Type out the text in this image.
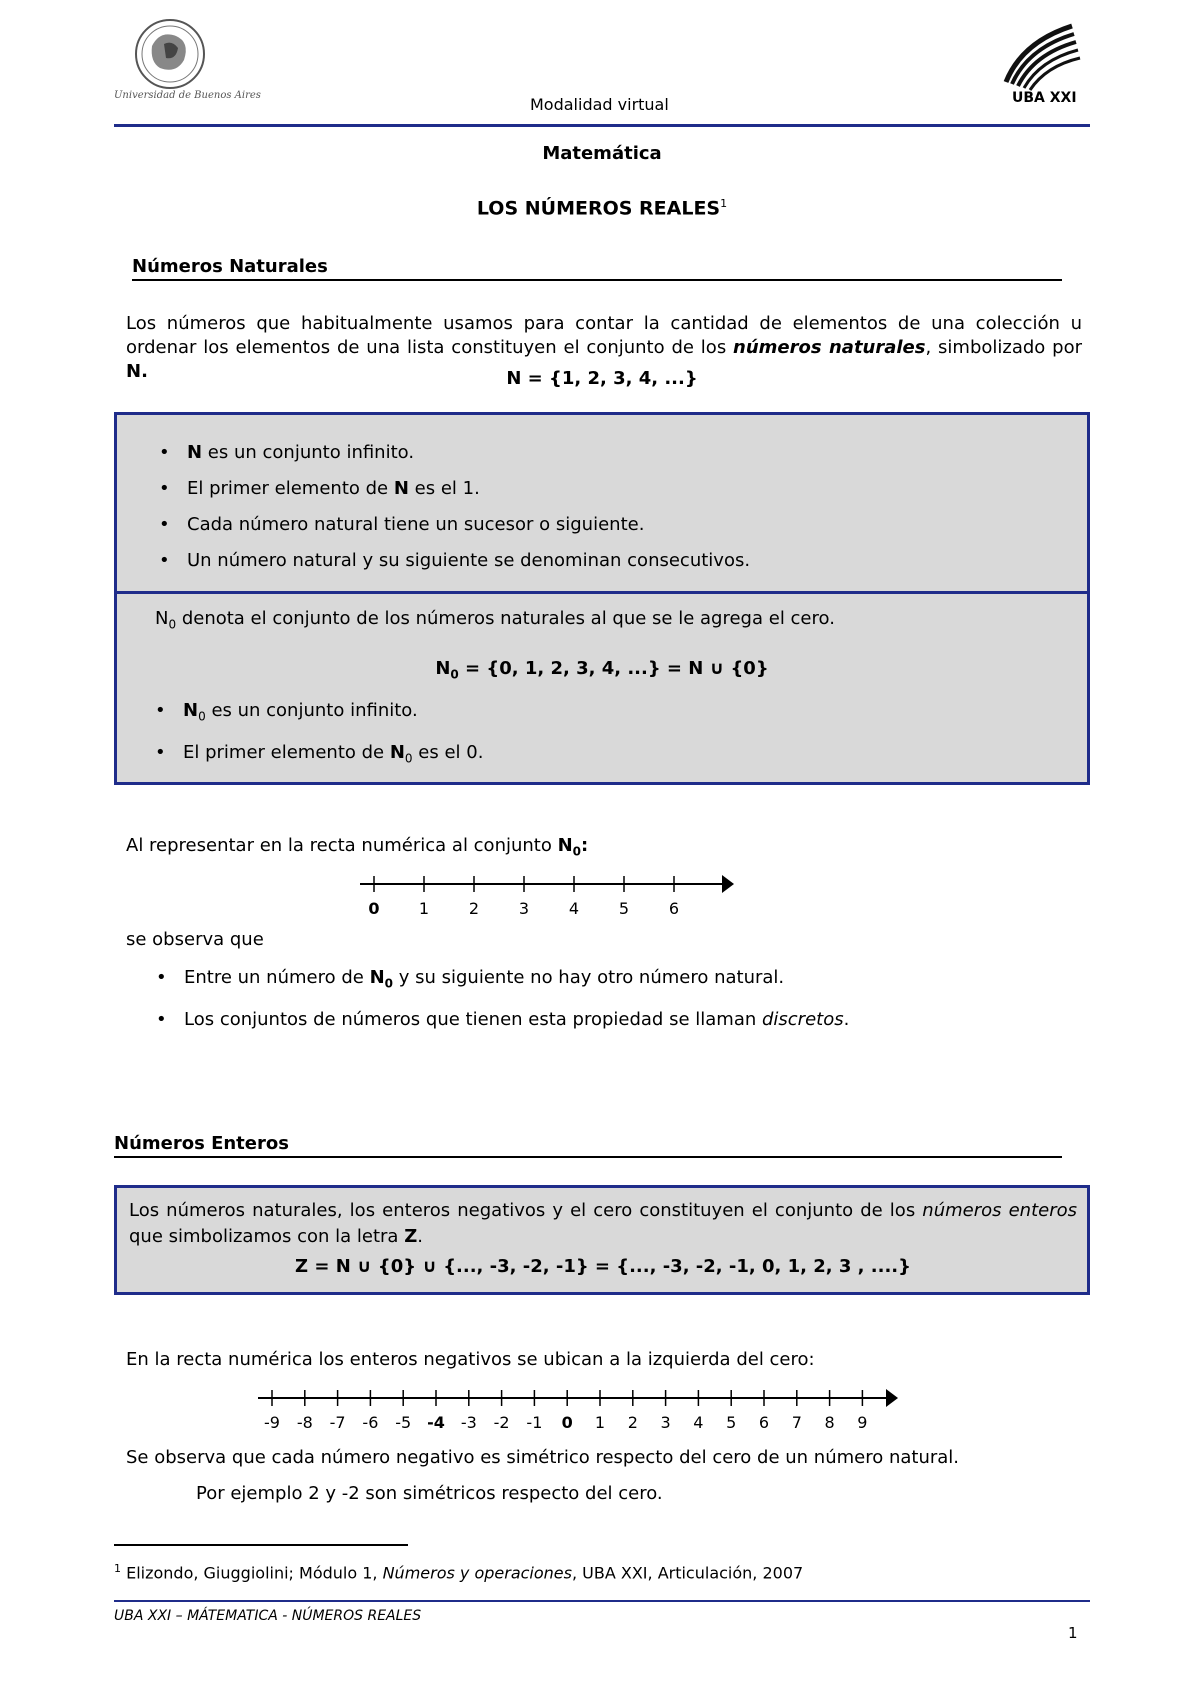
Universidad de Buenos Aires	Modalidad virtual	UBA XXI
Matemática
LOS NÚMEROS REALES$^1$
Números Naturales
Los números que habitualmente usamos para contar la cantidad de elementos de una colección u ordenar los elementos de una lista constituyen el conjunto de los números naturales, simbolizado por N.	N = {1, 2, 3, 4, ...}
• N es un conjunto infinito.
• El primer elemento de N es el 1.
• Cada número natural tiene un sucesor o siguiente.
• Un número natural y su siguiente se denominan consecutivos.
$N_0$ denota el conjunto de los números naturales al que se le agrega el cero.
$N_0 = \{0$, 1, 2, 3, 4, ...} = N ∪ {0}
• $N_0$ es un conjunto infinito.
• El primer elemento de $N_0$ es el 0.
Al representar en la recta numérica al conjunto $N_0$:
0 1 2 3 4 5 6
se observa que
• Entre un número de $N_0$ y su siguiente no hay otro número natural.
• Los conjuntos de números que tienen esta propiedad se llaman discretos.
Números Enteros
Los números naturales, los enteros negativos y el cero constituyen el conjunto de los números enteros que simbolizamos con la letra Z.
Z = N ∪ {0} ∪ {..., -3, -2, -1} = {..., -3, -2, -1, 0, 1, 2, 3 , ....}
En la recta numérica los enteros negativos se ubican a la izquierda del cero:
-9 -8 -7 -6 -5 -4 -3 -2 -1 0 1 2 3 4 5 6 7 8 9
Se observa que cada número negativo es simétrico respecto del cero de un número natural.
Por ejemplo 2 y -2 son simétricos respecto del cero.
$^1$ Elizondo, Giuggiolini; Módulo 1, Números y operaciones, UBA XXI, Articulación, 2007
UBA XXI – MÁTEMATICA - NÚMEROS REALES
1
